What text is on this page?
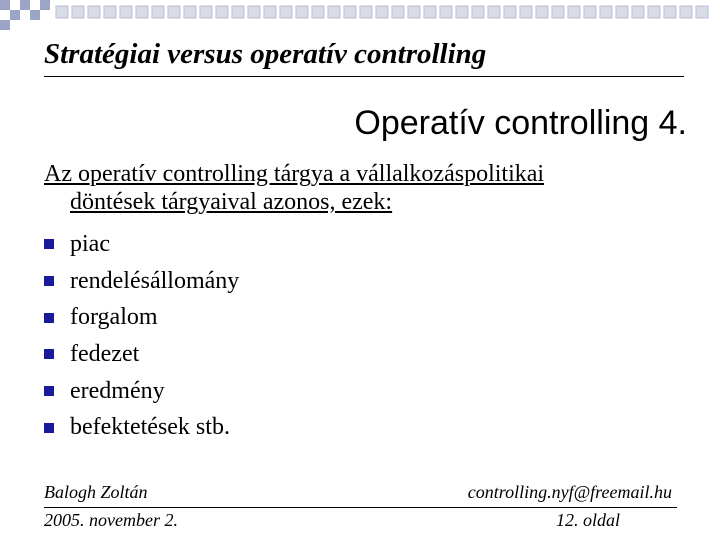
Stratégiai versus operatív controlling
Operatív controlling 4.
Az operatív controlling tárgya a vállalkozáspolitikai
döntések tárgyaival azonos, ezek:
piac
rendelésállomány
forgalom
fedezet
eredmény
befektetések stb.
Balogh Zoltán	controlling.nyf@freemail.hu
2005. november 2.	12. oldal
